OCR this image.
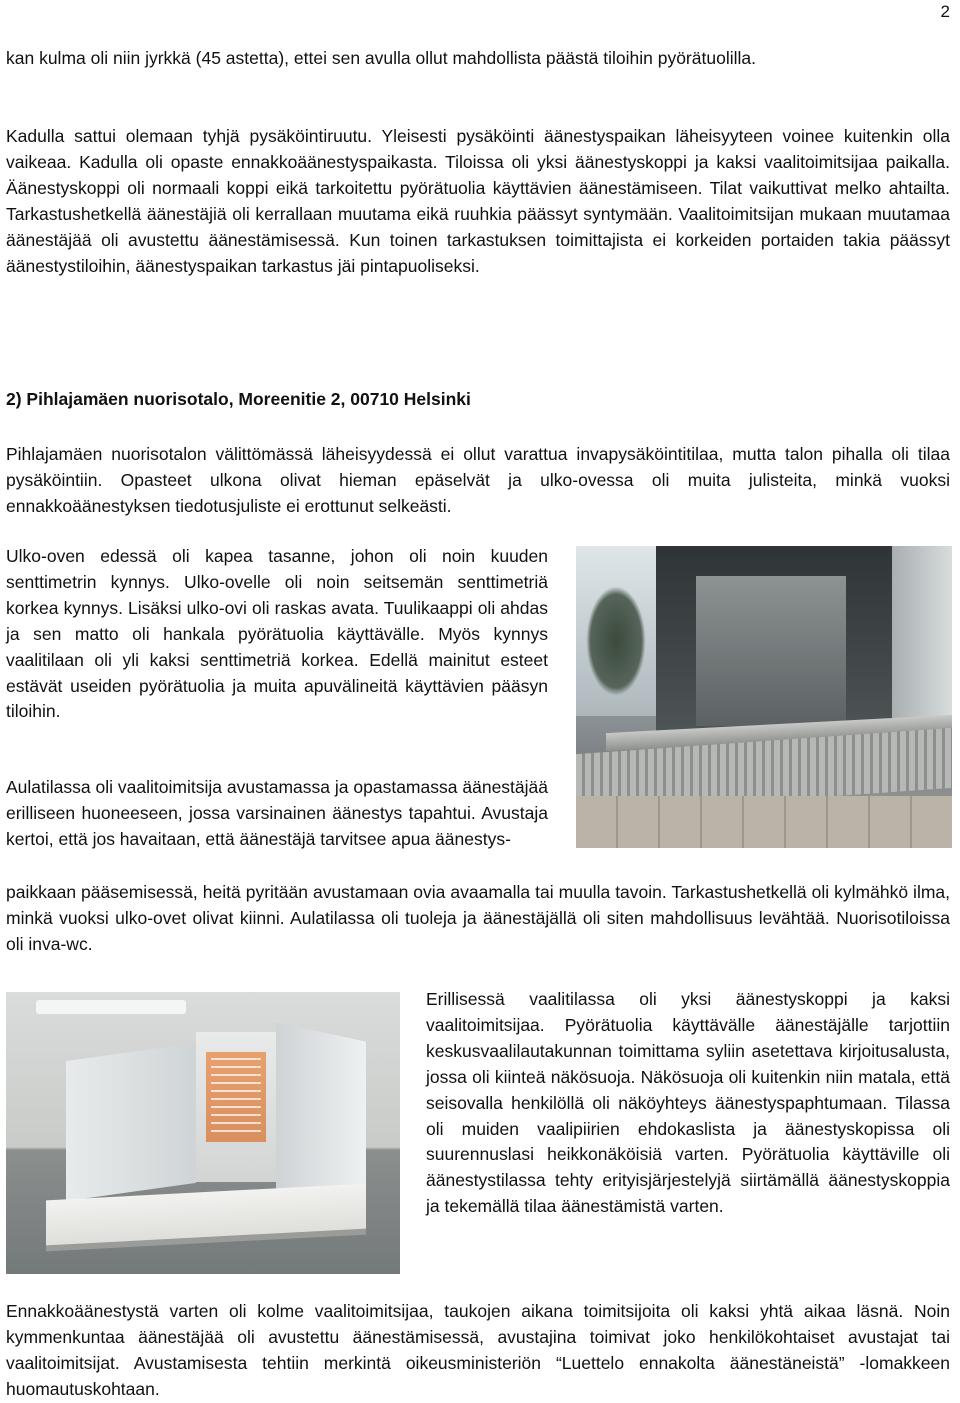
2

kan kulma oli niin jyrkkä (45 astetta), ettei sen avulla ollut mahdollista päästä tiloihin pyörätuolilla.

Kadulla sattui olemaan tyhjä pysäköintiruutu. Yleisesti pysäköinti äänestyspaikan läheisyyteen voinee kuitenkin olla vaikeaa. Kadulla oli opaste ennakkoäänestyspaikasta. Tiloissa oli yksi äänestyskoppi ja kaksi vaalitoimitsijaa paikalla. Äänestyskoppi oli normaali koppi eikä tarkoitettu pyörätuolia käyttävien äänestämiseen. Tilat vaikuttivat melko ahtailta. Tarkastushetkellä äänestäjiä oli kerrallaan muutama eikä ruuhkia päässyt syntymään. Vaalitoimitsijan mukaan muutamaa äänestäjää oli avustettu äänestämisessä. Kun toinen tarkastuksen toimittajista ei korkeiden portaiden takia päässyt äänestystiloihin, äänestyspaikan tarkastus jäi pintapuoliseksi.

2) Pihlajamäen nuorisotalo, Moreenitie 2, 00710 Helsinki

Pihlajamäen nuorisotalon välittömässä läheisyydessä ei ollut varattua invapysäköintitilaa, mutta talon pihalla oli tilaa pysäköintiin. Opasteet ulkona olivat hieman epäselvät ja ulko-ovessa oli muita julisteita, minkä vuoksi ennakkoäänestyksen tiedotusjuliste ei erottunut selkeästi.

Ulko-oven edessä oli kapea tasanne, johon oli noin kuuden senttimetrin kynnys. Ulko-ovelle oli noin seitsemän senttimetriä korkea kynnys. Lisäksi ulko-ovi oli raskas avata. Tuulikaappi oli ahdas ja sen matto oli hankala pyörätuolia käyttävälle. Myös kynnys vaalitilaan oli yli kaksi senttimetriä korkea. Edellä mainitut esteet estävät useiden pyörätuolia ja muita apuvälineitä käyttävien pääsyn tiloihin.

Aulatilassa oli vaalitoimitsija avustamassa ja opastamassa äänestäjää erilliseen huoneeseen, jossa varsinainen äänestys tapahtui. Avustaja kertoi, että jos havaitaan, että äänestäjä tarvitsee apua äänestys-

paikkaan pääsemisessä, heitä pyritään avustamaan ovia avaamalla tai muulla tavoin. Tarkastushetkellä oli kylmähkö ilma, minkä vuoksi ulko-ovet olivat kiinni. Aulatilassa oli tuoleja ja äänestäjällä oli siten mahdollisuus levähtää. Nuorisotiloissa oli inva-wc.

Erillisessä vaalitilassa oli yksi äänestyskoppi ja kaksi vaalitoimitsijaa. Pyörätuolia käyttävälle äänestäjälle tarjottiin keskusvaalilautakunnan toimittama syliin asetettava kirjoitusalusta, jossa oli kiinteä näkösuoja. Näkösuoja oli kuitenkin niin matala, että seisovalla henkilöllä oli näköyhteys äänestyspaphtumaan. Tilassa oli muiden vaalipiirien ehdokaslista ja äänestyskopissa oli suurennuslasi heikkonäköisiä varten. Pyörätuolia käyttäville oli äänestystilassa tehty erityisjärjestelyjä siirtämällä äänestyskoppia ja tekemällä tilaa äänestämistä varten.

Ennakkoäänestystä varten oli kolme vaalitoimitsijaa, taukojen aikana toimitsijoita oli kaksi yhtä aikaa läsnä. Noin kymmenkuntaa äänestäjää oli avustettu äänestämisessä, avustajina toimivat joko henkilökohtaiset avustajat tai vaalitoimitsijat. Avustamisesta tehtiin merkintä oikeusministeriön “Luettelo ennakolta äänestäneistä” -lomakkeen huomautuskohtaan.
